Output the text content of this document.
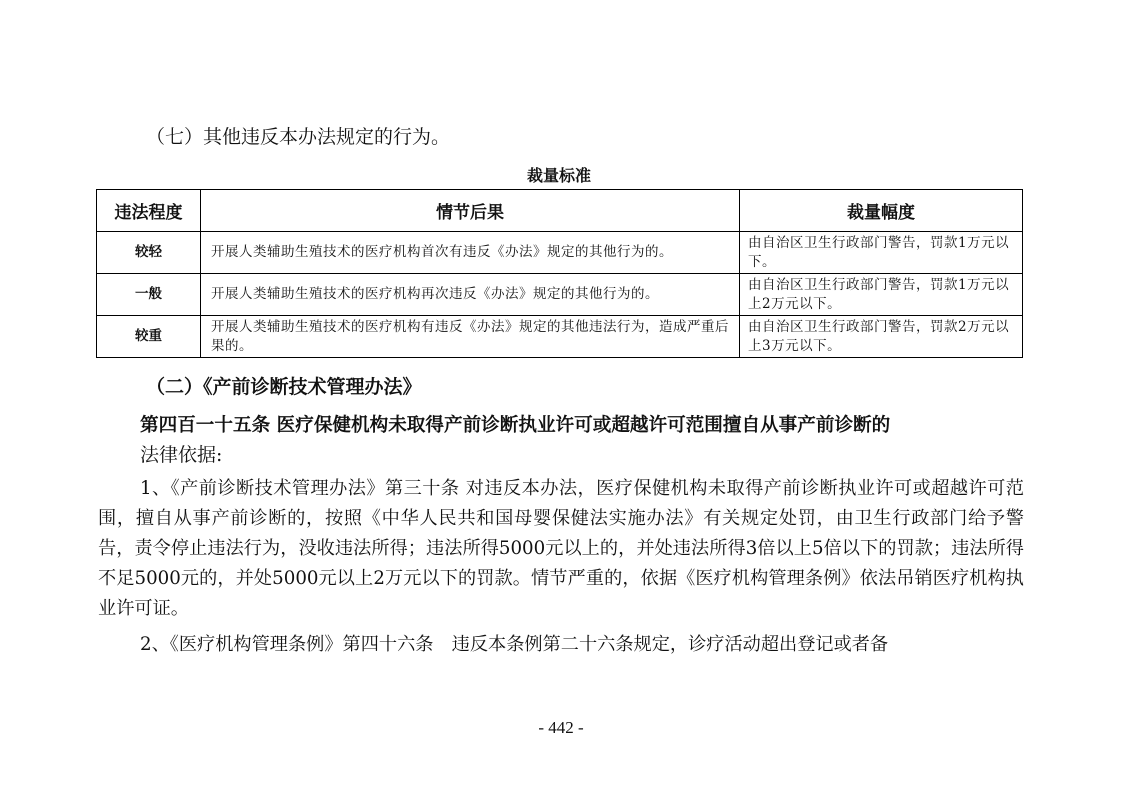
（七）其他违反本办法规定的行为。

裁量标准

违法程度	情节后果	裁量幅度
较轻	开展人类辅助生殖技术的医疗机构首次有违反《办法》规定的其他行为的。	由自治区卫生行政部门警告，罚款1万元以下。
一般	开展人类辅助生殖技术的医疗机构再次违反《办法》规定的其他行为的。	由自治区卫生行政部门警告，罚款1万元以上2万元以下。
较重	开展人类辅助生殖技术的医疗机构有违反《办法》规定的其他违法行为，造成严重后果的。	由自治区卫生行政部门警告，罚款2万元以上3万元以下。

（二）《产前诊断技术管理办法》

第四百一十五条 医疗保健机构未取得产前诊断执业许可或超越许可范围擅自从事产前诊断的

法律依据:

1、《产前诊断技术管理办法》第三十条 对违反本办法，医疗保健机构未取得产前诊断执业许可或超越许可范围，擅自从事产前诊断的，按照《中华人民共和国母婴保健法实施办法》有关规定处罚，由卫生行政部门给予警告，责令停止违法行为，没收违法所得；违法所得5000元以上的，并处违法所得3倍以上5倍以下的罚款；违法所得不足5000元的，并处5000元以上2万元以下的罚款。情节严重的，依据《医疗机构管理条例》依法吊销医疗机构执业许可证。

2、《医疗机构管理条例》第四十六条　违反本条例第二十六条规定，诊疗活动超出登记或者备

- 442 -
